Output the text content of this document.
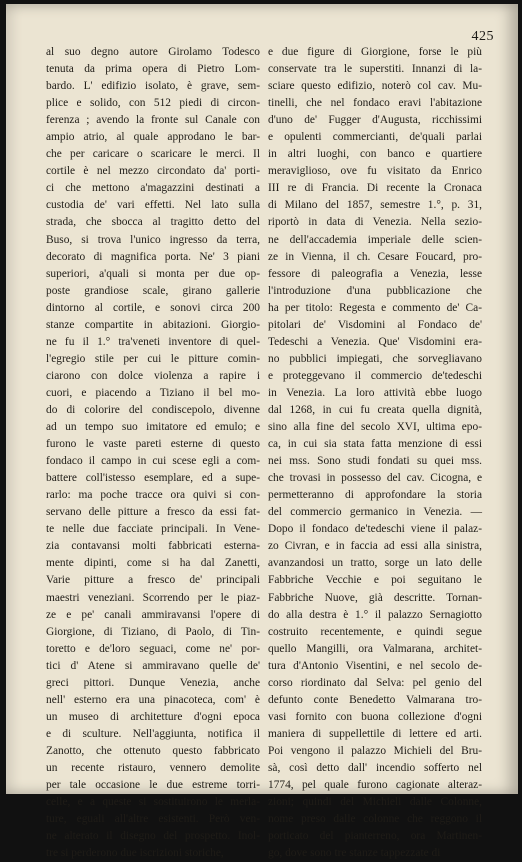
425
al suo degno autore Girolamo Todesco
tenuta da prima opera di Pietro Lom-
bardo. L' edifizio isolato, è grave, sem-
plice e solido, con 512 piedi di circon-
ferenza ; avendo la fronte sul Canale con
ampio atrio, al quale approdano le bar-
che per caricare o scaricare le merci. Il
cortile è nel mezzo circondato da' porti-
ci che mettono a'magazzini destinati a
custodia de' vari effetti. Nel lato sulla
strada, che sbocca al tragitto detto del
Buso, si trova l'unico ingresso da terra,
decorato di magnifica porta. Ne' 3 piani
superiori, a'quali si monta per due op-
poste grandiose scale, girano gallerie
dintorno al cortile, e sonovi circa 200
stanze compartite in abitazioni. Giorgio-
ne fu il 1.° tra'veneti inventore di quel-
l'egregio stile per cui le pitture comin-
ciarono con dolce violenza a rapire i
cuori, e piacendo a Tiziano il bel mo-
do di colorire del condiscepolo, divenne
ad un tempo suo imitatore ed emulo; e
furono le vaste pareti esterne di questo
fondaco il campo in cui scese egli a com-
battere coll'istesso esemplare, ed a supe-
rarlo: ma poche tracce ora quivi si con-
servano delle pitture a fresco da essi fat-
te nelle due facciate principali. In Vene-
zia contavansi molti fabbricati esterna-
mente dipinti, come si ha dal Zanetti,
Varie pitture a fresco de' principali
maestri veneziani. Scorrendo per le piaz-
ze e pe' canali ammiravansi l'opere di
Giorgione, di Tiziano, di Paolo, di Tin-
toretto e de'loro seguaci, come ne' por-
tici d' Atene si ammiravano quelle de'
greci pittori. Dunque Venezia, anche
nell' esterno era una pinacoteca, com' è
un museo di architetture d'ogni epoca
e di sculture. Nell'aggiunta, notifica il
Zanotto, che ottenuto questo fabbricato
un recente ristauro, vennero demolite
per tale occasione le due estreme torri-
celle, e a queste si sostituirono le merla-
ture, eguali all'altre esistenti. Però ven-
ne alterato il disegno del prospetto. Inol-
tre si perderono due iscrizioni storiche,
e due figure di Giorgione, forse le più
conservate tra le superstiti. Innanzi di la-
sciare questo edifizio, noterò col cav. Mu-
tinelli, che nel fondaco eravi l'abitazione
d'uno de' Fugger d'Augusta, ricchissimi
e opulenti commercianti, de'quali parlai
in altri luoghi, con banco e quartiere
meraviglioso, ove fu visitato da Enrico
III re di Francia. Di recente la Cronaca
di Milano del 1857, semestre 1.°, p. 31,
riportò in data di Venezia. Nella sezio-
ne dell'accademia imperiale delle scien-
ze in Vienna, il ch. Cesare Foucard, pro-
fessore di paleografia a Venezia, lesse
l'introduzione d'una pubblicazione che
ha per titolo: Regesta e commento de' Ca-
pitolari de' Visdomini al Fondaco de'
Tedeschi a Venezia. Que' Visdomini era-
no pubblici impiegati, che sorvegliavano
e proteggevano il commercio de'tedeschi
in Venezia. La loro attività ebbe luogo
dal 1268, in cui fu creata quella dignità,
sino alla fine del secolo XVI, ultima epo-
ca, in cui sia stata fatta menzione di essi
nei mss. Sono studi fondati su quei mss.
che trovasi in possesso del cav. Cicogna, e
permetteranno di approfondare la storia
del commercio germanico in Venezia. —
Dopo il fondaco de'tedeschi viene il palaz-
zo Civran, e in faccia ad essi alla sinistra,
avanzandosi un tratto, sorge un lato delle
Fabbriche Vecchie e poi seguitano le
Fabbriche Nuove, già descritte. Tornan-
do alla destra è 1.° il palazzo Sernagiotto
costruito recentemente, e quindi segue
quello Mangilli, ora Valmarana, architet-
tura d'Antonio Visentini, e nel secolo de-
corso riordinato dal Selva: pel genio del
defunto conte Benedetto Valmarana tro-
vasi fornito con buona collezione d'ogni
maniera di suppellettile di lettere ed arti.
Poi vengono il palazzo Michieli del Bru-
sà, così detto dall' incendio sofferto nel
1774, pel quale furono cagionate alteraz-
zioni; quindi del Michieli dalle Colonne,
nome preso dalle colonne che reggono il
porticato del pianterreno, ora Martinen-
go, dove sono tre stanze tappezzate di
